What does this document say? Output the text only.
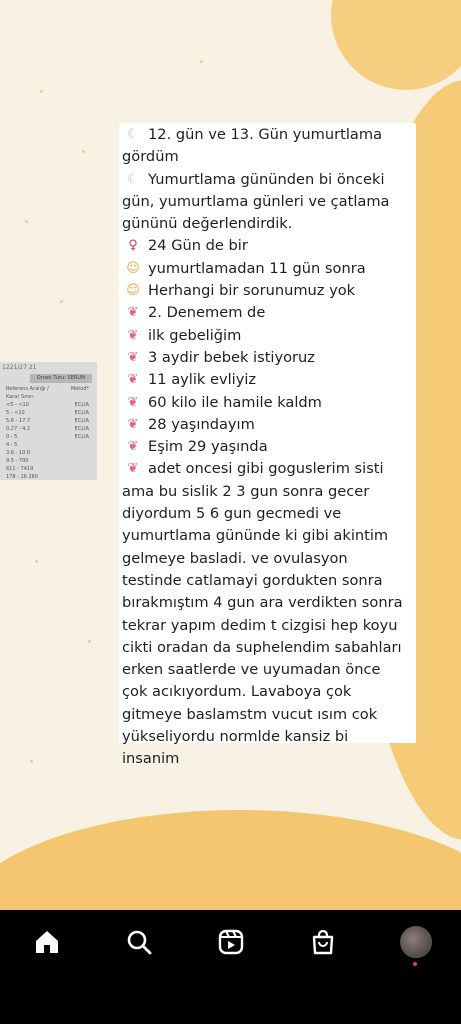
☾ 12. gün ve 13. Gün yumurtlama
gördüm
☾ Yumurtlama gününden bi önceki
gün, yumurtlama günleri ve çatlama
gününü değerlendirdik.
♀ 24 Gün de bir
☺ yumurtlamadan 11 gün sonra
☺ Herhangi bir sorunumuz yok
❦ 2. Denemem de
❦ ilk gebeliğim
❦ 3 aydir bebek istiyoruz
❦ 11 aylik evliyiz
❦ 60 kilo ile hamile kaldm
❦ 28 yaşındayım
❦ Eşim 29 yaşında
❦ adet oncesi gibi goguslerim sisti
ama bu sislik 2 3 gun sonra gecer
diyordum 5 6 gun gecmedi ve
yumurtlama gününde ki gibi akintim
gelmeye basladi. ve ovulasyon
testinde catlamayi gordukten sonra
bırakmıştım 4 gun ara verdikten sonra
tekrar yapım dedim t cizgisi hep koyu
cikti oradan da suphelendim sabahları
erken saatlerde ve uyumadan önce
çok acıkıyordum. Lavaboya çok
gitmeye baslamstm vucut ısım cok
yükseliyordu normlde kansiz bi
insanim
1221/27 21
Ornek Turu: SERUM
Referans Aralığı /	Metod*
Karar Sınırı
<5 - <10	ECLIA
5 - <10	ECLIA
5.6 - 17.7	ECLIA
0.27 - 4.2	ECLIA
0 - 5	ECLIA
4 - 5
3.6 - 10.0
9.5 - 700
611 - 7419
178 - 16 260
